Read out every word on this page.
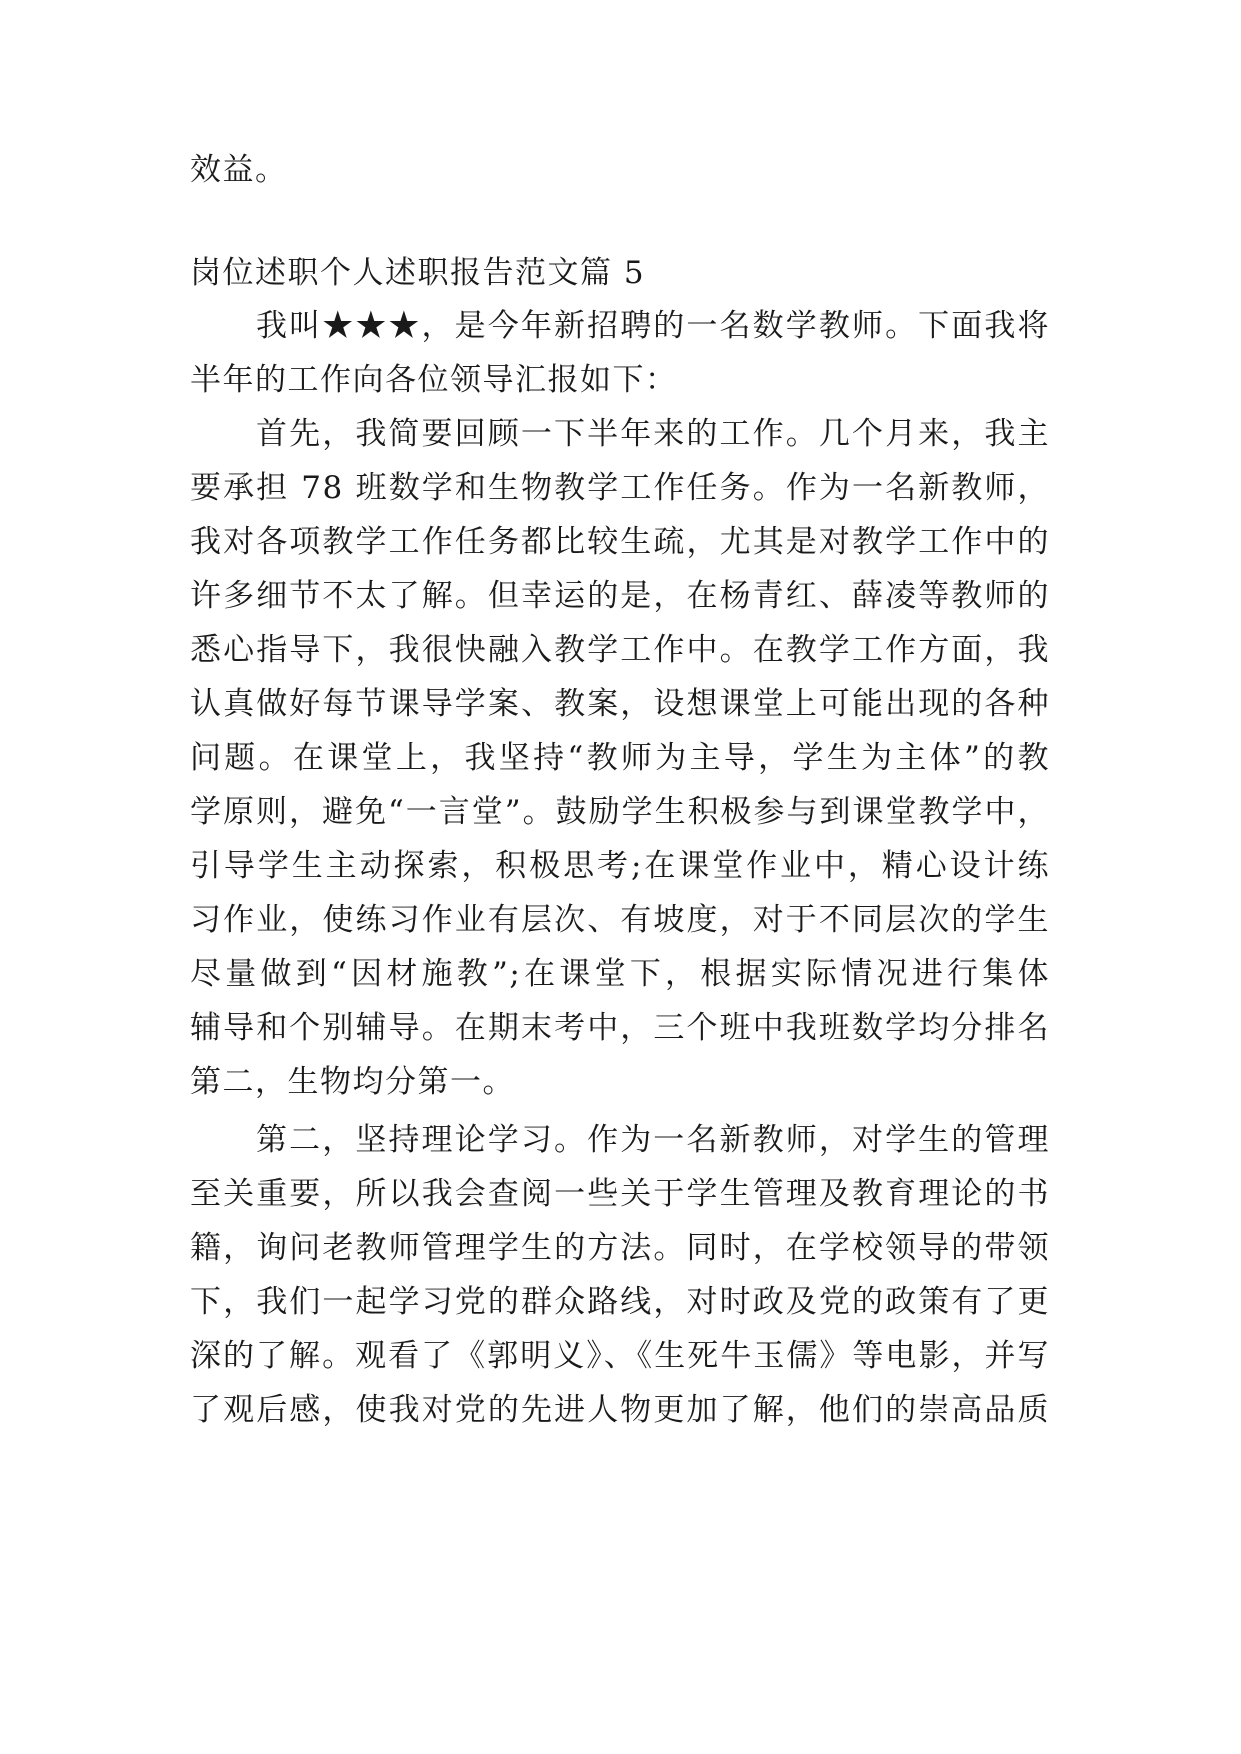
效益。
岗位述职个人述职报告范文篇 5
我叫★★★，是今年新招聘的一名数学教师。下面我将
半年的工作向各位领导汇报如下：
首先，我简要回顾一下半年来的工作。几个月来，我主
要承担 78 班数学和生物教学工作任务。作为一名新教师，
我对各项教学工作任务都比较生疏，尤其是对教学工作中的
许多细节不太了解。但幸运的是，在杨青红、薛凌等教师的
悉心指导下，我很快融入教学工作中。在教学工作方面，我
认真做好每节课导学案、教案，设想课堂上可能出现的各种
问题。在课堂上，我坚持“教师为主导，学生为主体”的教
学原则，避免“一言堂”。鼓励学生积极参与到课堂教学中，
引导学生主动探索，积极思考;在课堂作业中，精心设计练
习作业，使练习作业有层次、有坡度，对于不同层次的学生
尽量做到“因材施教”;在课堂下，根据实际情况进行集体
辅导和个别辅导。在期末考中，三个班中我班数学均分排名
第二，生物均分第一。
第二，坚持理论学习。作为一名新教师，对学生的管理
至关重要，所以我会查阅一些关于学生管理及教育理论的书
籍，询问老教师管理学生的方法。同时，在学校领导的带领
下，我们一起学习党的群众路线，对时政及党的政策有了更
深的了解。观看了《郭明义》、《生死牛玉儒》等电影，并写
了观后感，使我对党的先进人物更加了解，他们的崇高品质
